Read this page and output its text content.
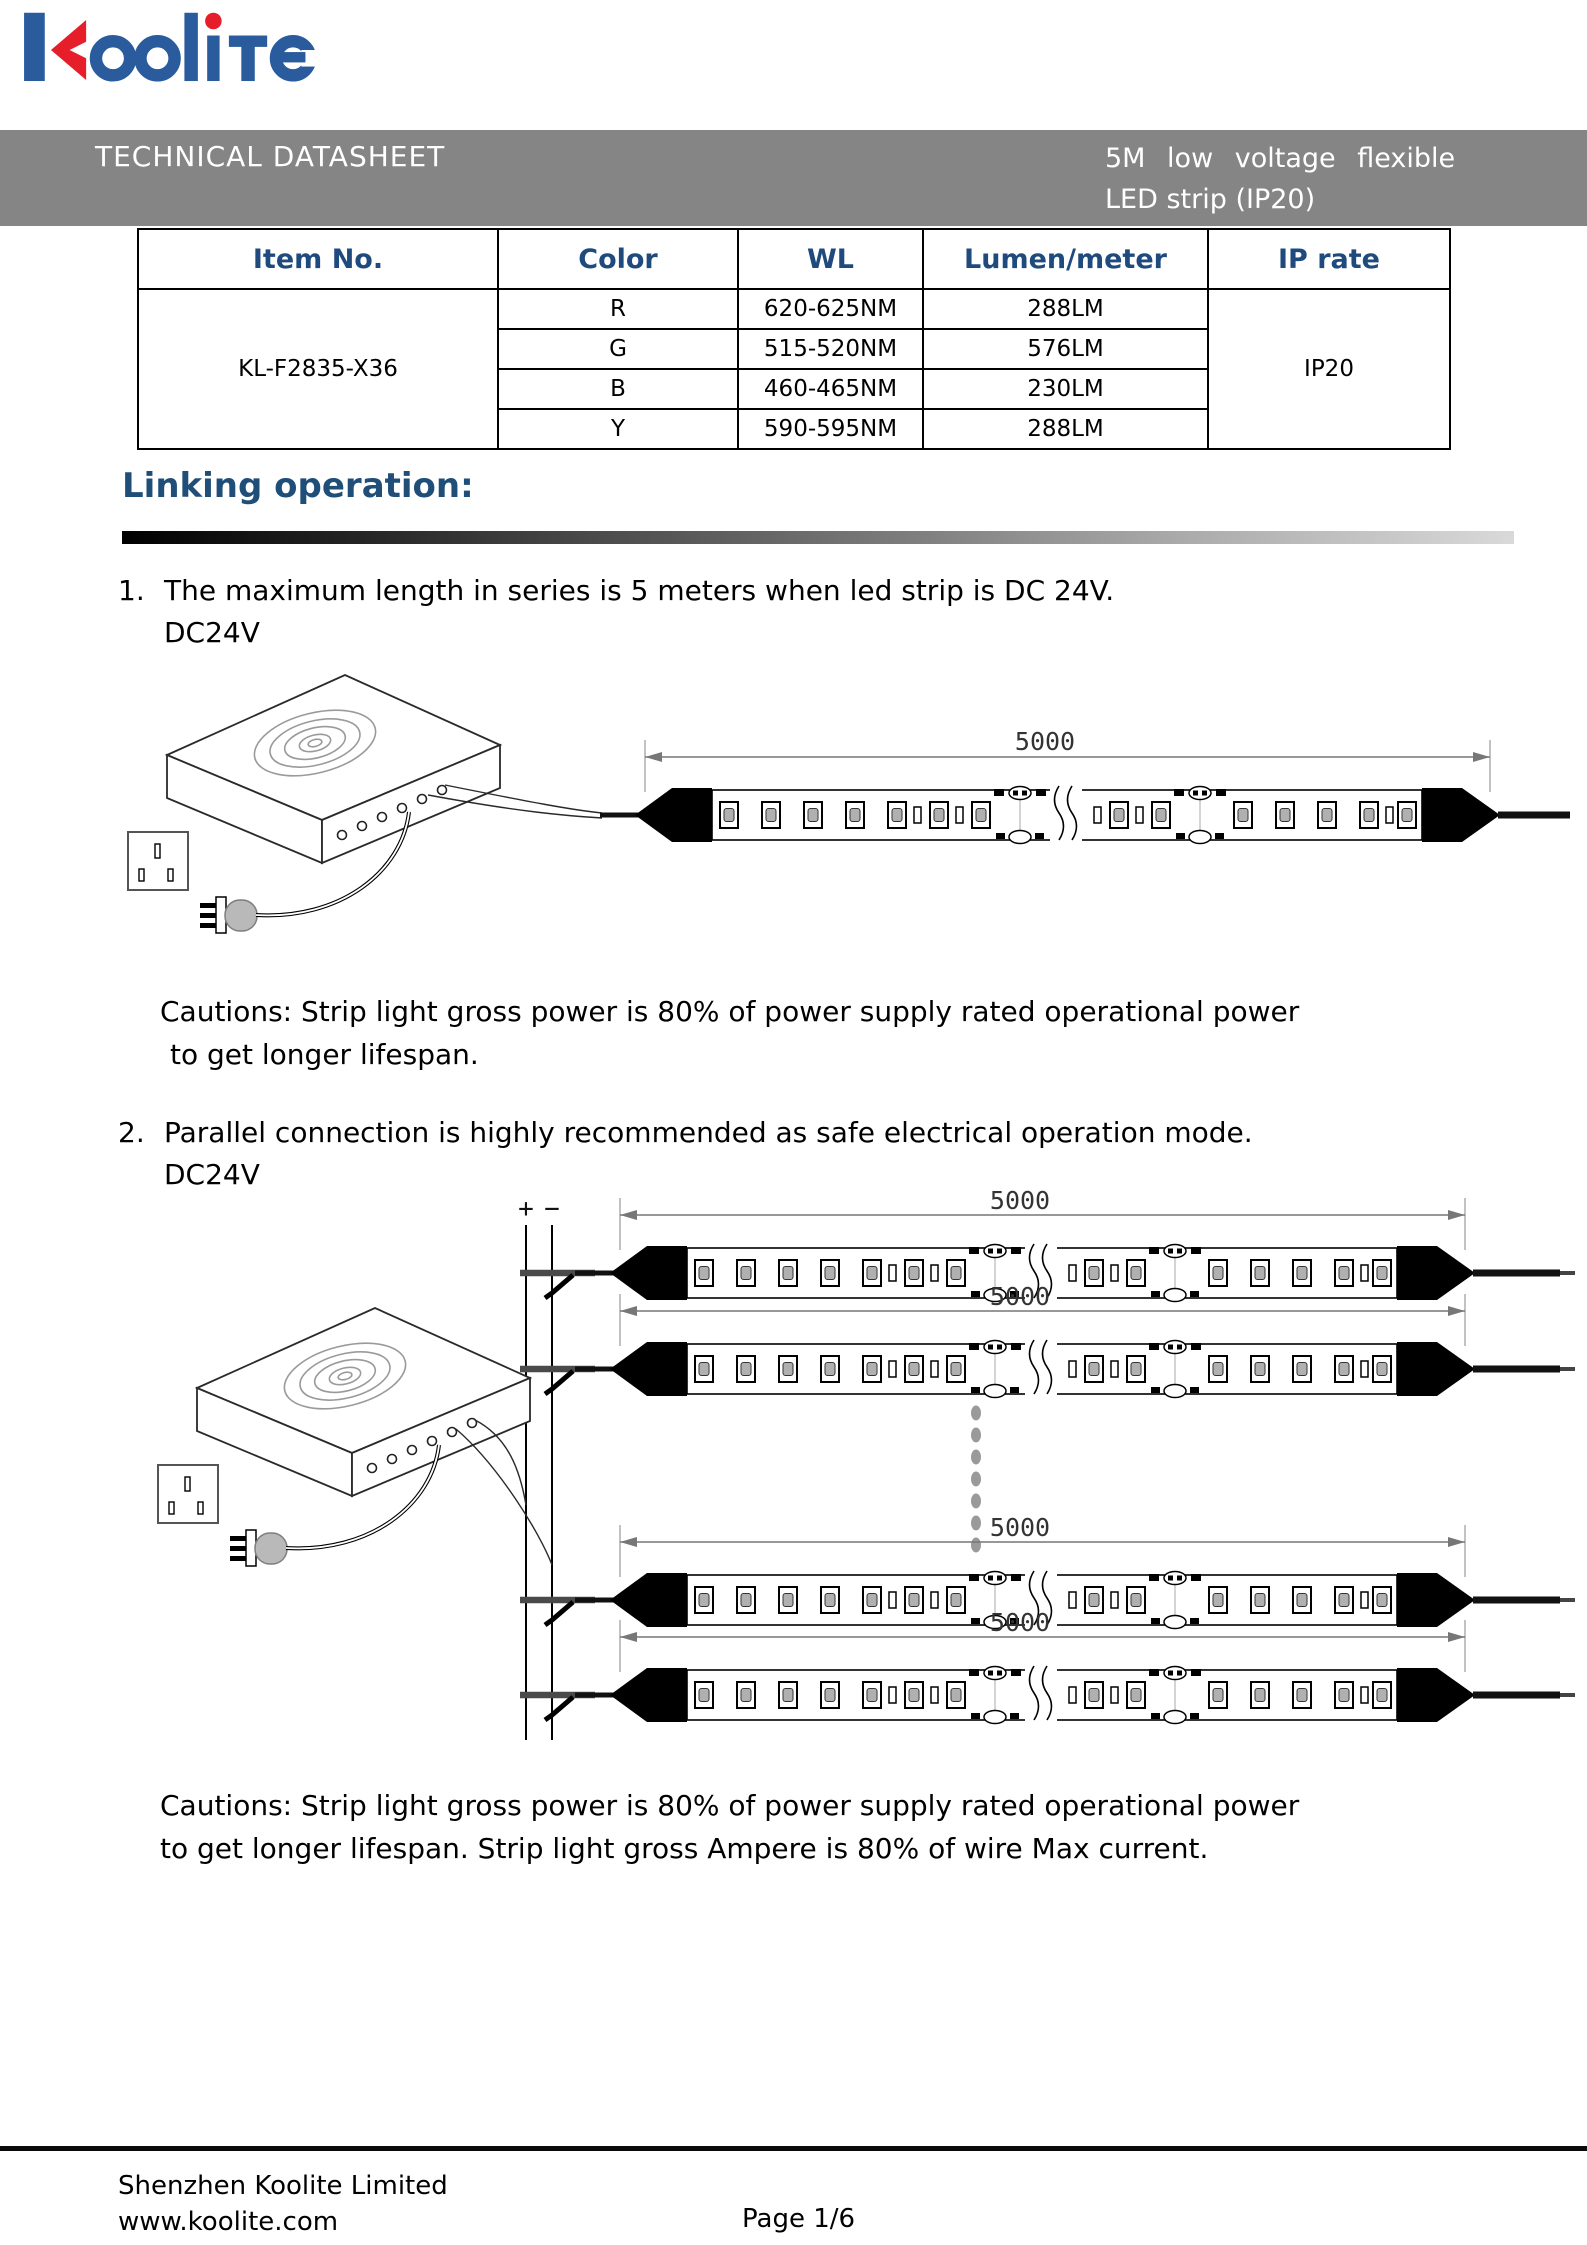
TECHNICAL DATASHEET	5M low voltage flexible
LED strip (IP20)
Item No.	Color	WL	Lumen/meter	IP rate
KL-F2835-X36	R	620-625NM	288LM	IP20
	G	515-520NM	576LM	
	B	460-465NM	230LM	
	Y	590-595NM	288LM	
Linking operation:
1. The maximum length in series is 5 meters when led strip is DC 24V.
DC24V
5000
Cautions: Strip light gross power is 80% of power supply rated operational power
to get longer lifespan.
2. Parallel connection is highly recommended as safe electrical operation mode.
DC24V
+ −	5000
5000
5000
5000
Cautions: Strip light gross power is 80% of power supply rated operational power
to get longer lifespan. Strip light gross Ampere is 80% of wire Max current.
Shenzhen Koolite Limited
www.koolite.com	Page 1/6
